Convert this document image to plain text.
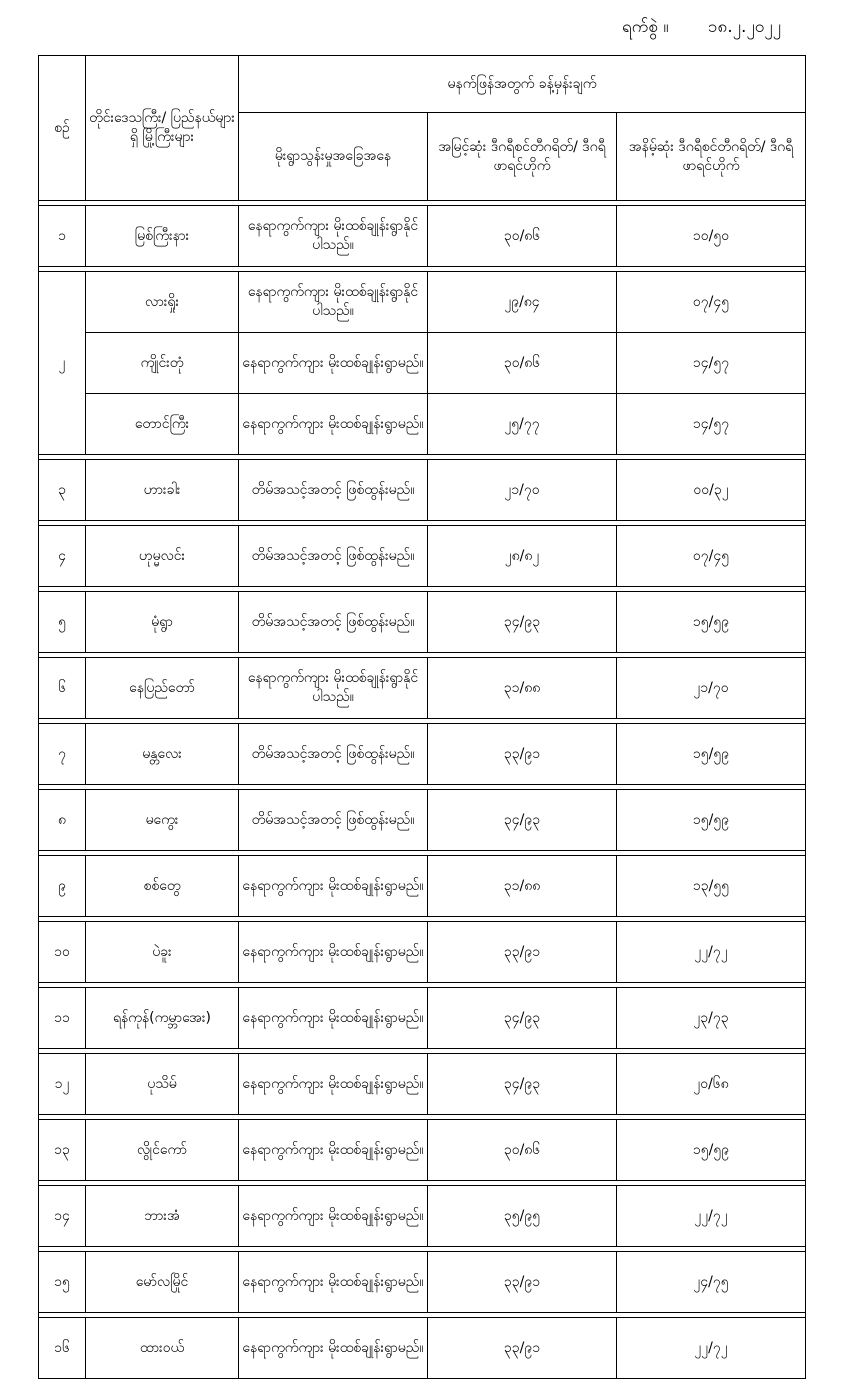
ရက်စွဲ ။ ၁၈.၂.၂၀၂၂
စဉ်	တိုင်းဒေသကြီး/ ပြည်နယ်များရှိ မြို့ကြီးများ	မနက်ဖြန်အတွက် ခန့်မှန်းချက်		
		မိုးရွာသွန်းမှုအခြေအနေ	အမြင့်ဆုံး ဒီဂရီစင်တီဂရိတ်/ ဒီဂရီဖာရင်ဟိုက်	အနိမ့်ဆုံး ဒီဂရီစင်တီဂရိတ်/ ဒီဂရီဖာရင်ဟိုက်

၁	မြစ်ကြီးနား	နေရာကွက်ကျား မိုးထစ်ချုန်းရွာနိုင်ပါသည်။	၃၀/၈၆	၁၀/၅၀

၂	လားရှိုး	နေရာကွက်ကျား မိုးထစ်ချုန်းရွာနိုင်ပါသည်။	၂၉/၈၄	၀၇/၄၅
	ကျိုင်းတုံ	နေရာကွက်ကျား မိုးထစ်ချုန်းရွာမည်။	၃၀/၈၆	၁၄/၅၇
	တောင်ကြီး	နေရာကွက်ကျား မိုးထစ်ချုန်းရွာမည်။	၂၅/၇၇	၁၄/၅၇

၃	ဟားခါး	တိမ်အသင့်အတင့် ဖြစ်ထွန်းမည်။	၂၁/၇၀	၀၀/၃၂

၄	ဟုမ္မလင်း	တိမ်အသင့်အတင့် ဖြစ်ထွန်းမည်။	၂၈/၈၂	၀၇/၄၅

၅	မုံရွာ	တိမ်အသင့်အတင့် ဖြစ်ထွန်းမည်။	၃၄/၉၃	၁၅/၅၉

၆	နေပြည်တော်	နေရာကွက်ကျား မိုးထစ်ချုန်းရွာနိုင်ပါသည်။	၃၁/၈၈	၂၁/၇၀

၇	မန္တလေး	တိမ်အသင့်အတင့် ဖြစ်ထွန်းမည်။	၃၃/၉၁	၁၅/၅၉

၈	မကွေး	တိမ်အသင့်အတင့် ဖြစ်ထွန်းမည်။	၃၄/၉၃	၁၅/၅၉

၉	စစ်တွေ	နေရာကွက်ကျား မိုးထစ်ချုန်းရွာမည်။	၃၁/၈၈	၁၃/၅၅

၁၀	ပဲခူး	နေရာကွက်ကျား မိုးထစ်ချုန်းရွာမည်။	၃၃/၉၁	၂၂/၇၂

၁၁	ရန်ကုန်(ကမ္ဘာအေး)	နေရာကွက်ကျား မိုးထစ်ချုန်းရွာမည်။	၃၄/၉၃	၂၃/၇၃

၁၂	ပုသိမ်	နေရာကွက်ကျား မိုးထစ်ချုန်းရွာမည်။	၃၄/၉၃	၂၀/၆၈

၁၃	လွိုင်ကော်	နေရာကွက်ကျား မိုးထစ်ချုန်းရွာမည်။	၃၀/၈၆	၁၅/၅၉

၁၄	ဘားအံ	နေရာကွက်ကျား မိုးထစ်ချုန်းရွာမည်။	၃၅/၉၅	၂၂/၇၂

၁၅	မော်လမြိုင်	နေရာကွက်ကျား မိုးထစ်ချုန်းရွာမည်။	၃၃/၉၁	၂၄/၇၅

၁၆	ထားဝယ်	နေရာကွက်ကျား မိုးထစ်ချုန်းရွာမည်။	၃၃/၉၁	၂၂/၇၂
